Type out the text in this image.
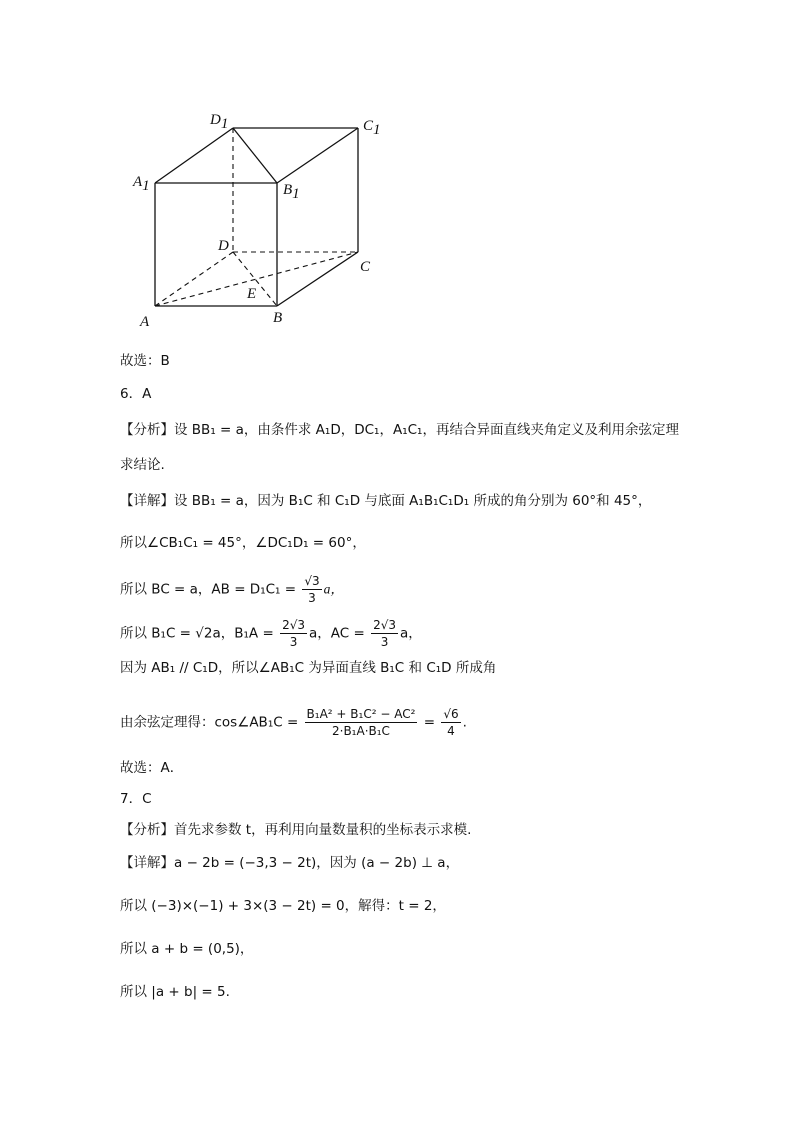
D1	C1
A1	B1
D
C
A	B
E
故选：B
6．A
【分析】设 BB₁ = a，由条件求 A₁D，DC₁，A₁C₁，再结合异面直线夹角定义及利用余弦定理
求结论.
【详解】设 BB₁ = a，因为 B₁C 和 C₁D 与底面 A₁B₁C₁D₁ 所成的角分别为 60°和 45°，
所以∠CB₁C₁ = 45°，∠DC₁D₁ = 60°，
所以 BC = a，AB = $D_1C_1 = \frac{√3}{3}$ a，
所以 B₁C = √2a，$B_1A = \frac{2√3}{3}$ a，AC = $\frac{2√3}{3}$ a，
因为 AB₁ // C₁D，所以∠AB₁C 为异面直线 B₁C 和 C₁D 所成角
由余弦定理得：cos∠AB₁C = $\frac{\text{B₁A² + B₁C² − AC²}}{\text{2·B₁A·B₁C}} = \frac{√6}{4}$ .
故选：A．
7．C
【分析】首先求参数 t，再利用向量数量积的坐标表示求模.
【详解】a − 2b = (−3,3 − 2t)，因为 (a − 2b) ⊥ a，
所以 (−3)×(−1) + 3×(3 − 2t) = 0，解得：t = 2，
所以 a + b = (0,5)，
所以 |a + b| = 5.
